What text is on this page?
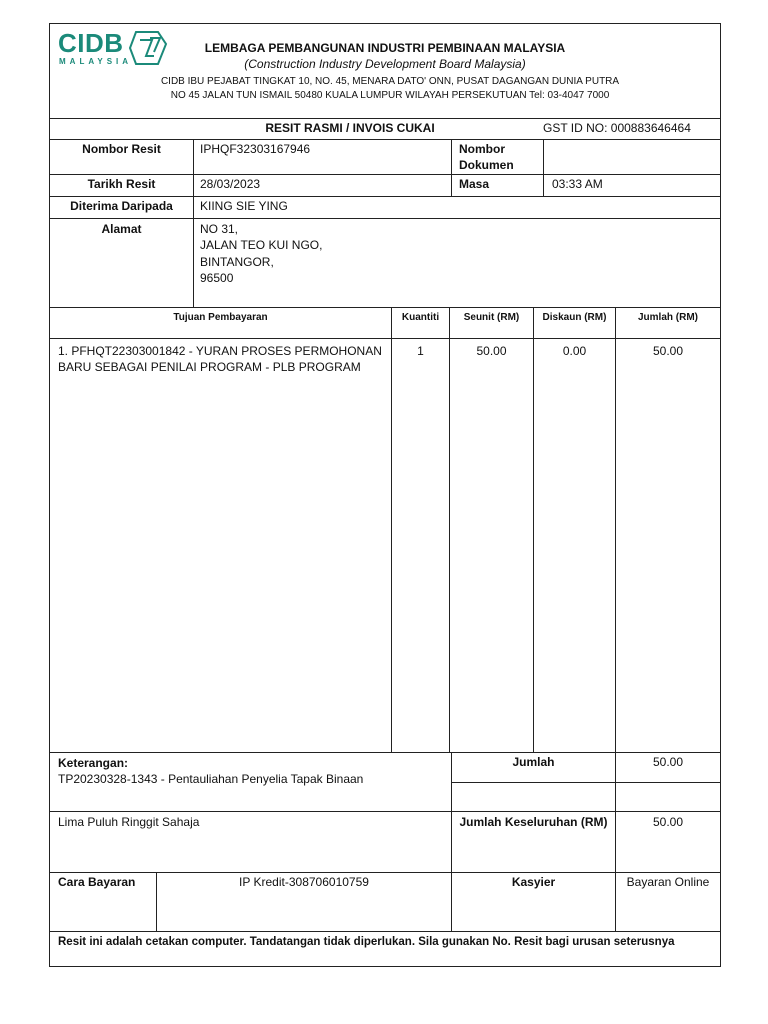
CIDB
MALAYSIA
LEMBAGA PEMBANGUNAN INDUSTRI PEMBINAAN MALAYSIA
(Construction Industry Development Board Malaysia)
CIDB IBU PEJABAT TINGKAT 10, NO. 45, MENARA DATO' ONN, PUSAT DAGANGAN DUNIA PUTRA
NO 45 JALAN TUN ISMAIL 50480 KUALA LUMPUR WILAYAH PERSEKUTUAN Tel: 03-4047 7000
RESIT RASMI / INVOIS CUKAI	GST ID NO: 000883646464
Nombor Resit	IPHQF32303167946	Nombor
Dokumen
Tarikh Resit	28/03/2023	Masa	03:33 AM
Diterima Daripada	KIING SIE YING
Alamat	NO 31,
JALAN TEO KUI NGO,
BINTANGOR,
96500
Tujuan Pembayaran	Kuantiti	Seunit (RM)	Diskaun (RM)	Jumlah (RM)
1. PFHQT22303001842 - YURAN PROSES PERMOHONAN
BARU SEBAGAI PENILAI PROGRAM - PLB PROGRAM
1	50.00	0.00	50.00
Keterangan:
TP20230328-1343 - Pentauliahan Penyelia Tapak Binaan
Jumlah	50.00
Lima Puluh Ringgit Sahaja	Jumlah Keseluruhan (RM)	50.00
Cara Bayaran	IP Kredit-308706010759	Kasyier	Bayaran Online
Resit ini adalah cetakan computer. Tandatangan tidak diperlukan. Sila gunakan No. Resit bagi urusan seterusnya
